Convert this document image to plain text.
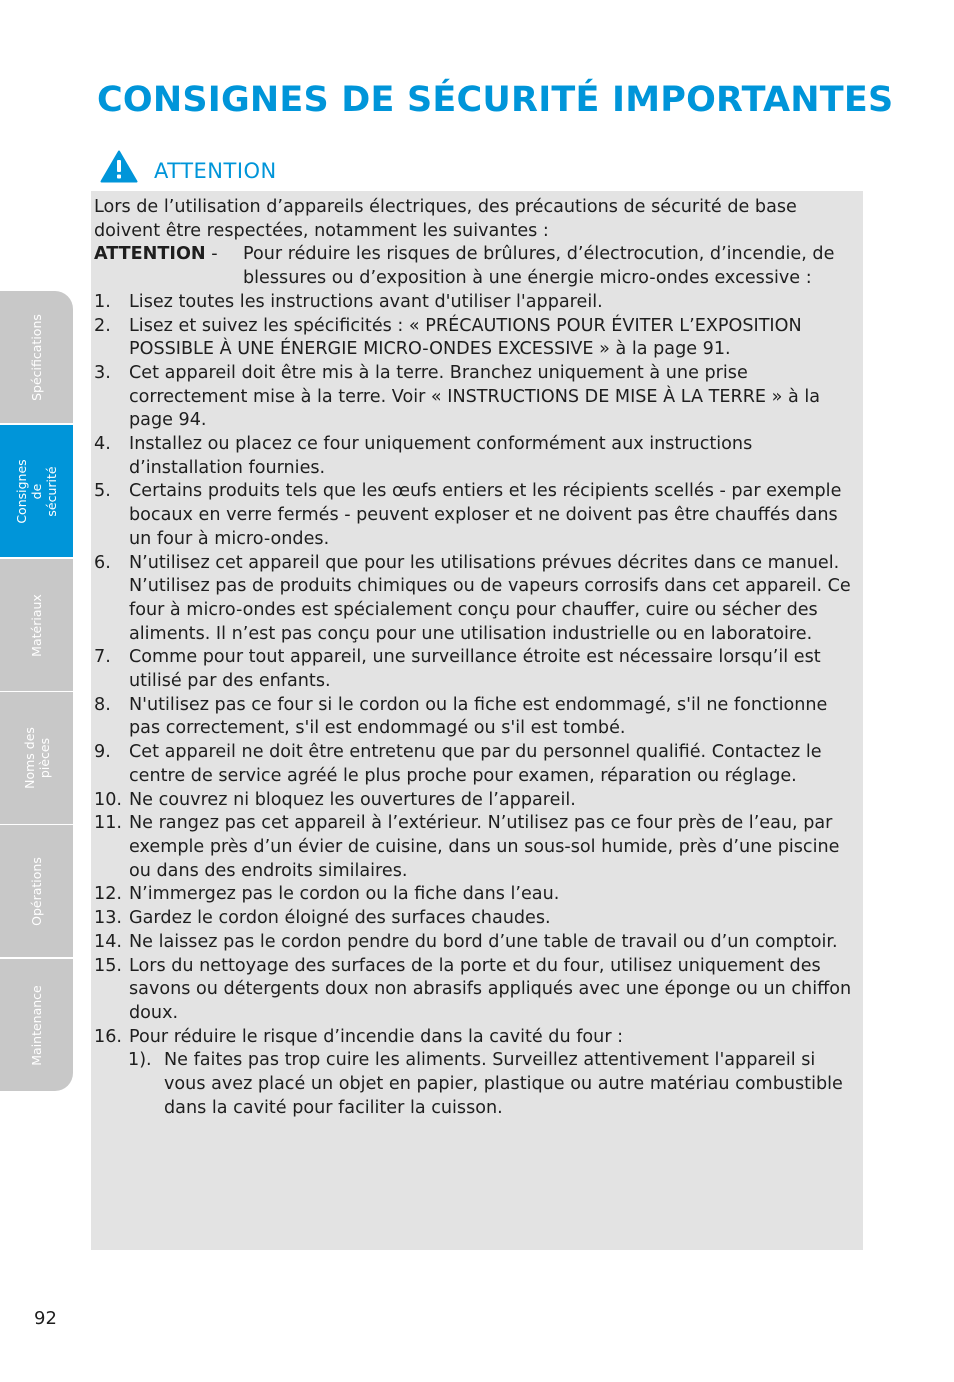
CONSIGNES DE SÉCURITÉ IMPORTANTES
ATTENTION

Lors de l’utilisation d’appareils électriques, des précautions de sécurité de base doivent être respectées, notamment les suivantes :

ATTENTION - Pour réduire les risques de brûlures, d’électrocution, d’incendie, de blessures ou d’exposition à une énergie micro-ondes excessive :
1. Lisez toutes les instructions avant d'utiliser l'appareil.
2. Lisez et suivez les spécificités : « PRÉCAUTIONS POUR ÉVITER L’EXPOSITION POSSIBLE À UNE ÉNERGIE MICRO-ONDES EXCESSIVE » à la page 91.
3. Cet appareil doit être mis à la terre. Branchez uniquement à une prise correctement mise à la terre. Voir « INSTRUCTIONS DE MISE À LA TERRE » à la page 94.
4. Installez ou placez ce four uniquement conformément aux instructions d’installation fournies.
5. Certains produits tels que les œufs entiers et les récipients scellés - par exemple bocaux en verre fermés - peuvent exploser et ne doivent pas être chauffés dans un four à micro-ondes.
6. N’utilisez cet appareil que pour les utilisations prévues décrites dans ce manuel. N’utilisez pas de produits chimiques ou de vapeurs corrosifs dans cet appareil. Ce four à micro-ondes est spécialement conçu pour chauffer, cuire ou sécher des aliments. Il n’est pas conçu pour une utilisation industrielle ou en laboratoire.
7. Comme pour tout appareil, une surveillance étroite est nécessaire lorsqu’il est utilisé par des enfants.
8. N'utilisez pas ce four si le cordon ou la fiche est endommagé, s'il ne fonctionne pas correctement, s'il est endommagé ou s'il est tombé.
9. Cet appareil ne doit être entretenu que par du personnel qualifié. Contactez le centre de service agréé le plus proche pour examen, réparation ou réglage.
10. Ne couvrez ni bloquez les ouvertures de l’appareil.
11. Ne rangez pas cet appareil à l’extérieur. N’utilisez pas ce four près de l’eau, par exemple près d’un évier de cuisine, dans un sous-sol humide, près d’une piscine ou dans des endroits similaires.
12. N’immergez pas le cordon ou la fiche dans l’eau.
13. Gardez le cordon éloigné des surfaces chaudes.
14. Ne laissez pas le cordon pendre du bord d’une table de travail ou d’un comptoir.
15. Lors du nettoyage des surfaces de la porte et du four, utilisez uniquement des savons ou détergents doux non abrasifs appliqués avec une éponge ou un chiffon doux.
16. Pour réduire le risque d’incendie dans la cavité du four :
1). Ne faites pas trop cuire les aliments. Surveillez attentivement l'appareil si vous avez placé un objet en papier, plastique ou autre matériau combustible dans la cavité pour faciliter la cuisson.
Spécifications
Consignes de
sécurité
Matériaux
Noms des
pièces
Opérations
Maintenance
92
